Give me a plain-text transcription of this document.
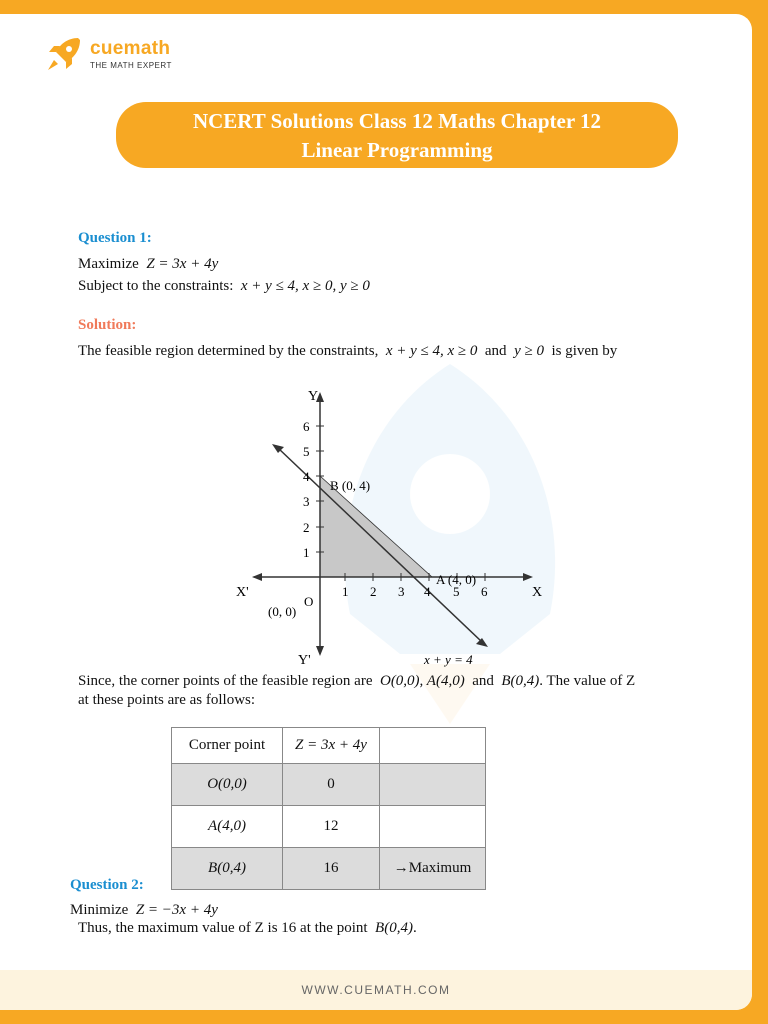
cuemath
THE MATH EXPERT
NCERT Solutions Class 12 Maths Chapter 12
Linear Programming
Question 1:
Maximize Z = 3x + 4y
Subject to the constraints: x + y ≤ 4, x ≥ 0, y ≥ 0
Solution:
The feasible region determined by the constraints, x + y ≤ 4, x ≥ 0 and y ≥ 0 is given by
1 2 3 4 5 6
1
2
3
4
5
6
Y
Y'
X
X'
O
(0, 0)
A (4, 0)
B (0, 4)
x + y = 4
Since, the corner points of the feasible region are O(0,0), A(4,0) and B(0,4). The value of Z
at these points are as follows:
Corner point	Z = 3x + 4y	
O(0,0)	0	
A(4,0)	12	
B(0,4)	16	→Maximum
Question 2:
Minimize Z = −3x + 4y
Thus, the maximum value of Z is 16 at the point B(0,4).
WWW.CUEMATH.COM
